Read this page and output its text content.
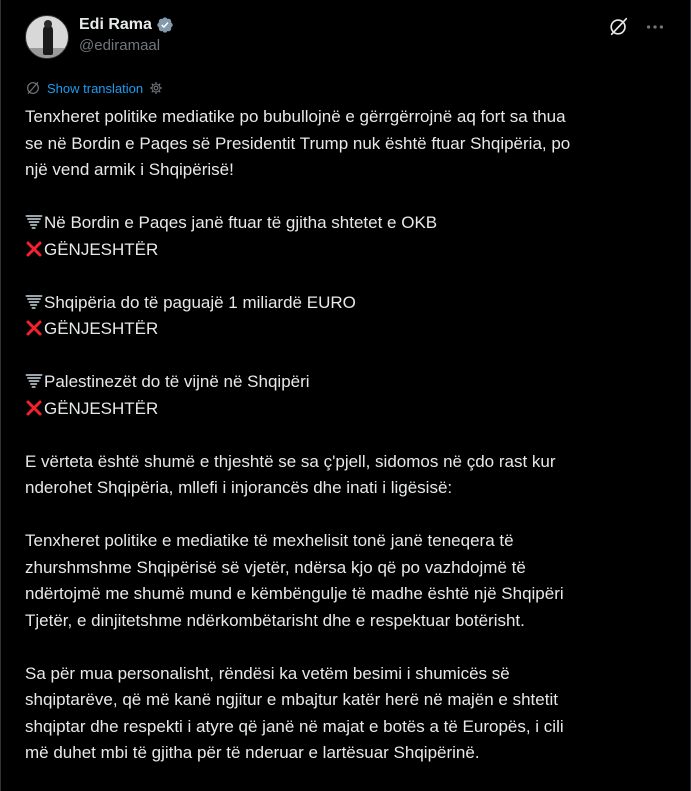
Edi Rama
@ediramaal
Show translation
Tenxheret politike mediatike po bubullojnë e gërrgërrojnë aq fort sa thua
se në Bordin e Paqes së Presidentit Trump nuk është ftuar Shqipëria, po
një vend armik i Shqipërisë!
Në Bordin e Paqes janë ftuar të gjitha shtetet e OKB
GËNJESHTËR
Shqipëria do të paguajë 1 miliardë EURO
GËNJESHTËR
Palestinezët do të vijnë në Shqipëri
GËNJESHTËR
E vërteta është shumë e thjeshtë se sa ç'pjell, sidomos në çdo rast kur
nderohet Shqipëria, mllefi i injorancës dhe inati i ligësisë:
Tenxheret politike e mediatike të mexhelisit tonë janë teneqera të
zhurshmshme Shqipërisë së vjetër, ndërsa kjo që po vazhdojmë të
ndërtojmë me shumë mund e këmbëngulje të madhe është një Shqipëri
Tjetër, e dinjitetshme ndërkombëtarisht dhe e respektuar botërisht.
Sa për mua personalisht, rëndësi ka vetëm besimi i shumicës së
shqiptarëve, që më kanë ngjitur e mbajtur katër herë në majën e shtetit
shqiptar dhe respekti i atyre që janë në majat e botës a të Europës, i cili
më duhet mbi të gjitha për të nderuar e lartësuar Shqipërinë.
